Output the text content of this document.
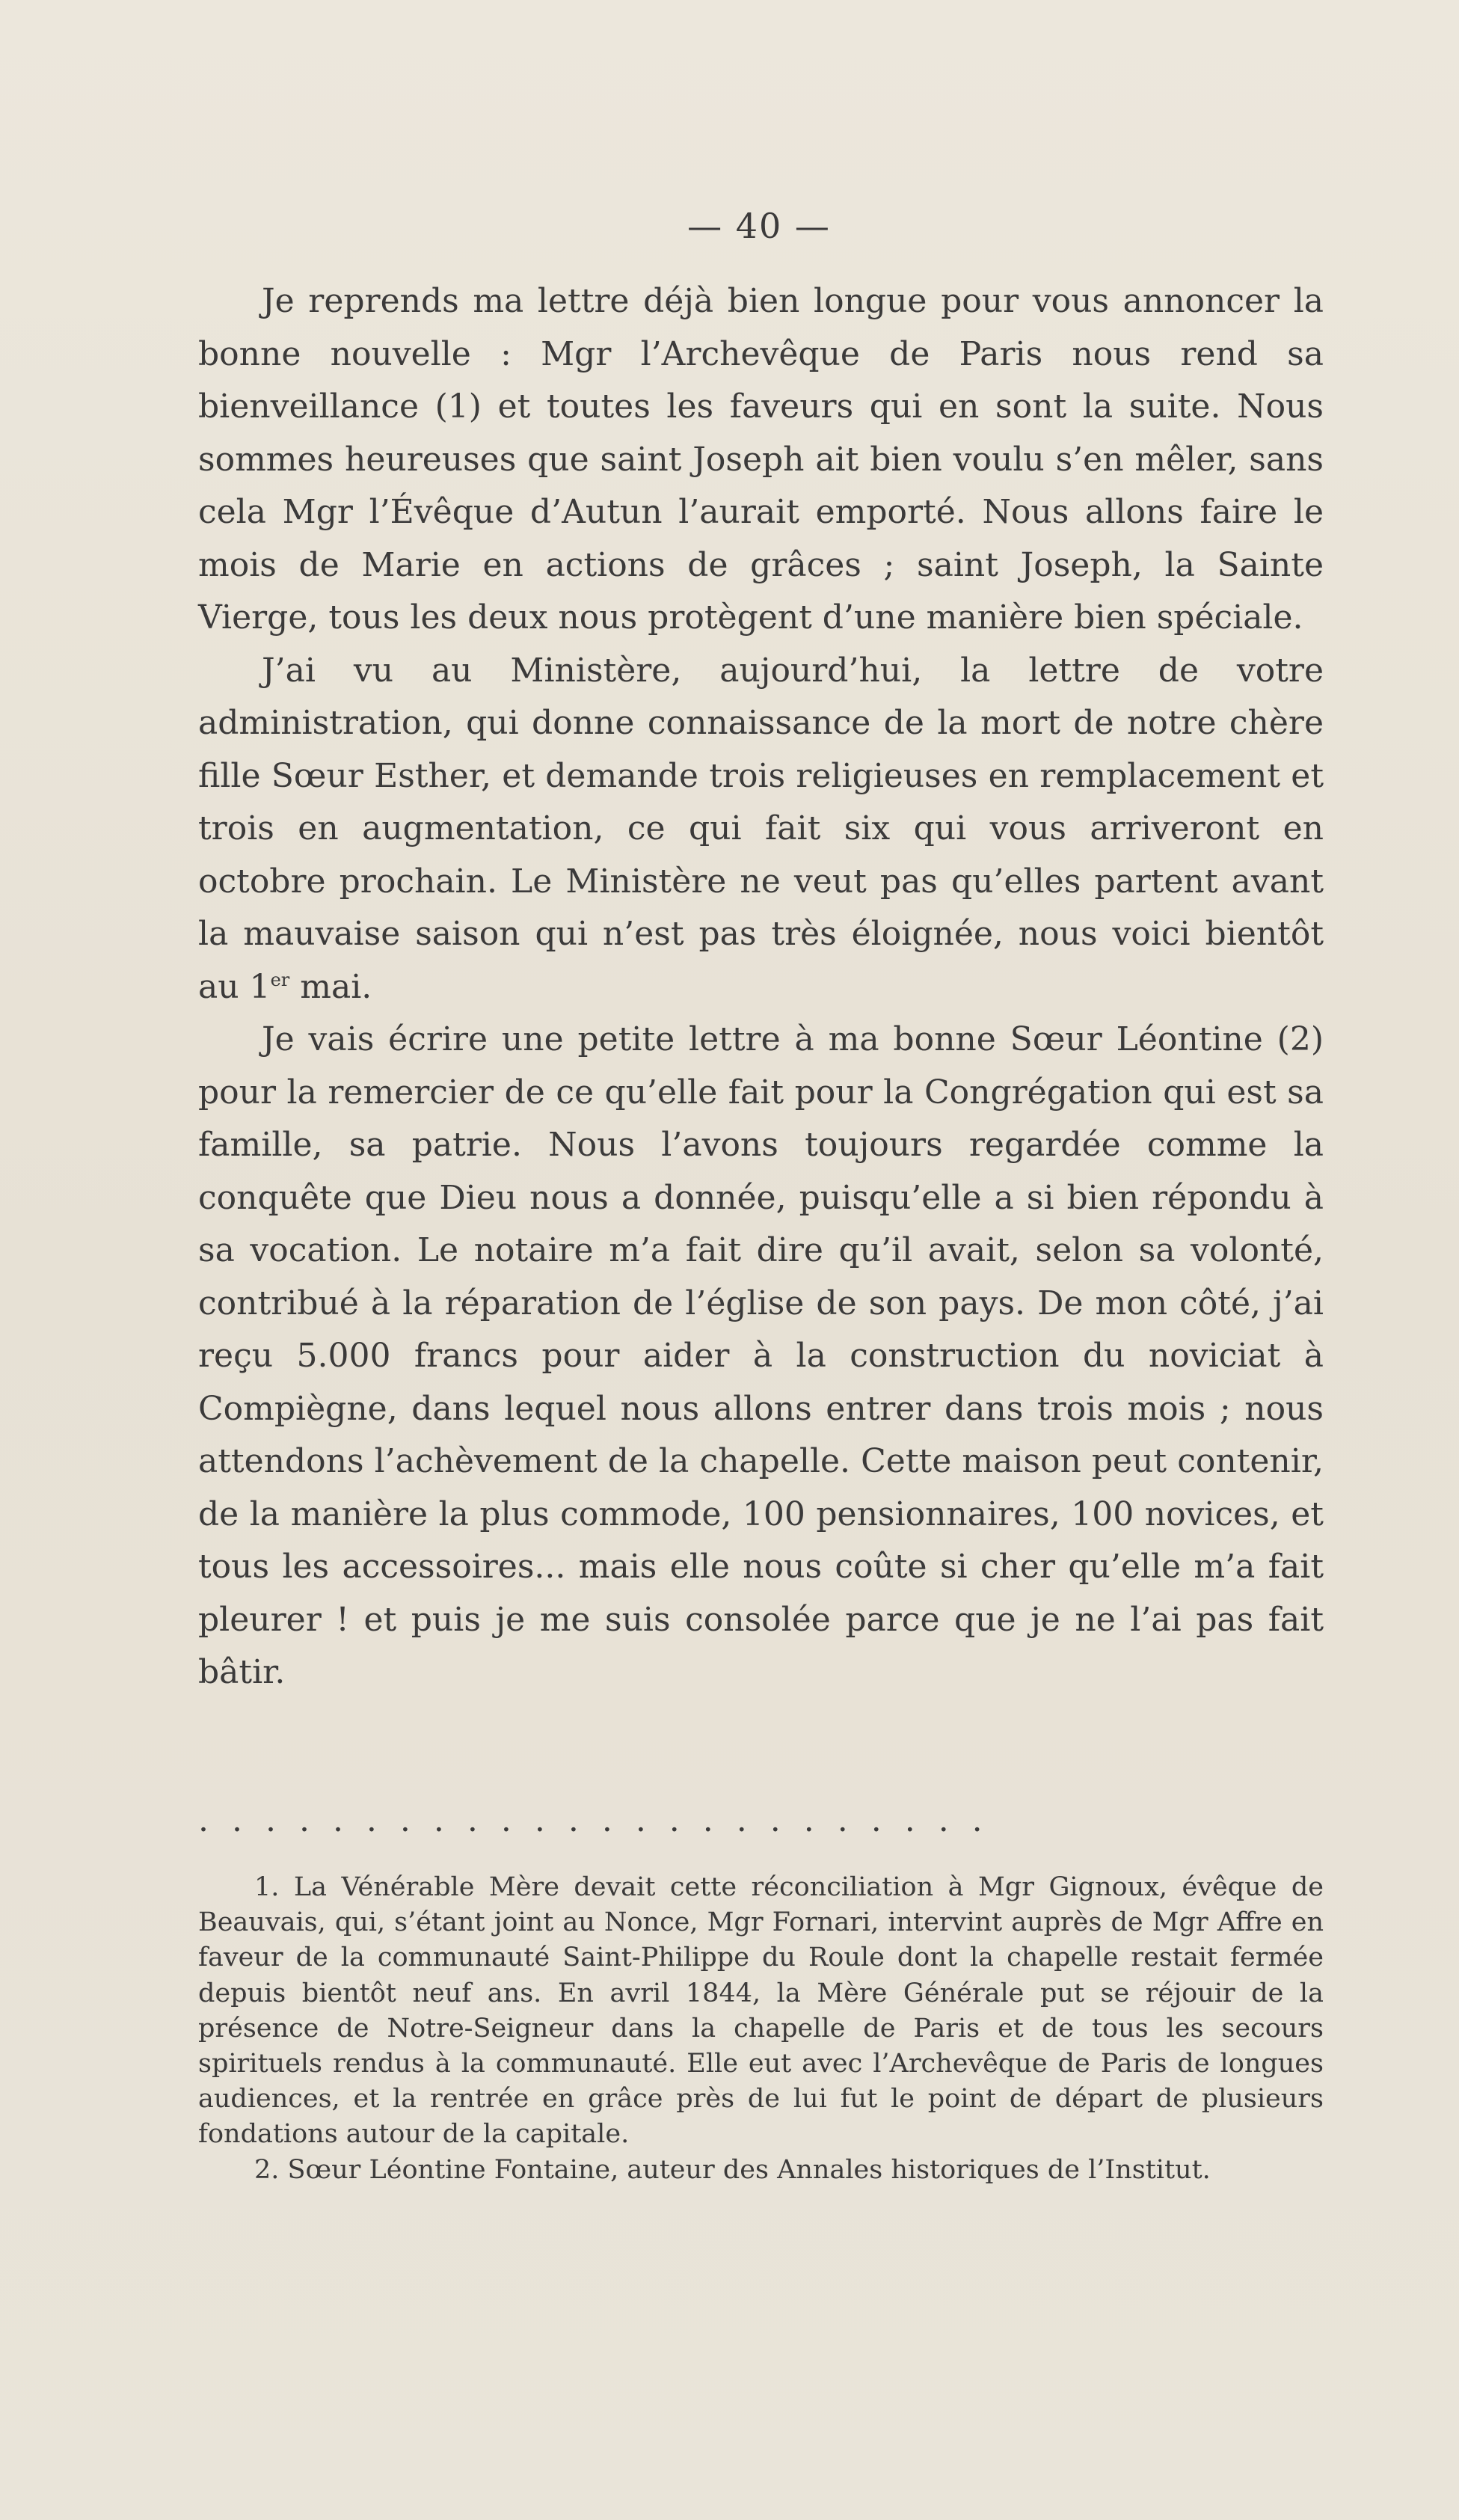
— 40 —

Je reprends ma lettre déjà bien longue pour vous annoncer la bonne nouvelle : Mgr l’Archevêque de Paris nous rend sa bienveillance (1) et toutes les faveurs qui en sont la suite. Nous sommes heureuses que saint Joseph ait bien voulu s’en mêler, sans cela Mgr l’Évêque d’Autun l’aurait emporté. Nous allons faire le mois de Marie en actions de grâces ; saint Joseph, la Sainte Vierge, tous les deux nous protègent d’une manière bien spéciale.

J’ai vu au Ministère, aujourd’hui, la lettre de votre administration, qui donne connaissance de la mort de notre chère fille Sœur Esther, et demande trois religieuses en remplacement et trois en augmentation, ce qui fait six qui vous arriveront en octobre prochain. Le Ministère ne veut pas qu’elles partent avant la mauvaise saison qui n’est pas très éloignée, nous voici bientôt au 1er mai.

Je vais écrire une petite lettre à ma bonne Sœur Léontine (2) pour la remercier de ce qu’elle fait pour la Congrégation qui est sa famille, sa patrie. Nous l’avons toujours regardée comme la conquête que Dieu nous a donnée, puisqu’elle a si bien répondu à sa vocation. Le notaire m’a fait dire qu’il avait, selon sa volonté, contribué à la réparation de l’église de son pays. De mon côté, j’ai reçu 5.000 francs pour aider à la construction du noviciat à Compiègne, dans lequel nous allons entrer dans trois mois ; nous attendons l’achèvement de la chapelle. Cette maison peut contenir, de la manière la plus commode, 100 pensionnaires, 100 novices, et tous les accessoires... mais elle nous coûte si cher qu’elle m’a fait pleurer ! et puis je me suis consolée parce que je ne l’ai pas fait bâtir.

........................

1. La Vénérable Mère devait cette réconciliation à Mgr Gignoux, évêque de Beauvais, qui, s’étant joint au Nonce, Mgr Fornari, intervint auprès de Mgr Affre en faveur de la communauté Saint-Philippe du Roule dont la chapelle restait fermée depuis bientôt neuf ans. En avril 1844, la Mère Générale put se réjouir de la présence de Notre-Seigneur dans la chapelle de Paris et de tous les secours spirituels rendus à la communauté. Elle eut avec l’Archevêque de Paris de longues audiences, et la rentrée en grâce près de lui fut le point de départ de plusieurs fondations autour de la capitale.

2. Sœur Léontine Fontaine, auteur des Annales historiques de l’Institut.
